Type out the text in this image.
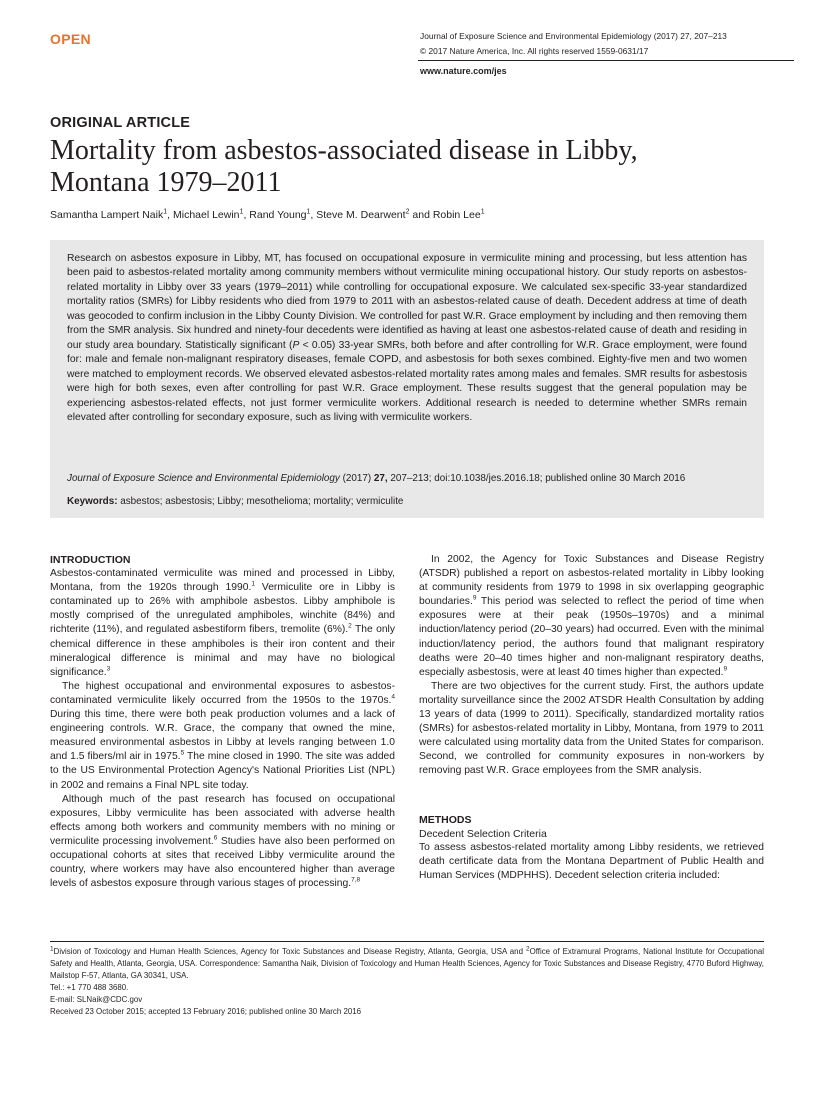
OPEN	Journal of Exposure Science and Environmental Epidemiology (2017) 27, 207–213
© 2017 Nature America, Inc. All rights reserved 1559-0631/17
www.nature.com/jes
ORIGINAL ARTICLE
Mortality from asbestos-associated disease in Libby,
Montana 1979–2011
Samantha Lampert Naik$^1$, Michael Lewin$^1$, Rand Young$^1$, Steve M. Dearwent$^2$ and Robin Lee$^1$
Research on asbestos exposure in Libby, MT, has focused on occupational exposure in vermiculite mining and processing, but less attention has been paid to asbestos-related mortality among community members without vermiculite mining occupational history. Our study reports on asbestos-related mortality in Libby over 33 years (1979–2011) while controlling for occupational exposure. We calculated sex-specific 33-year standardized mortality ratios (SMRs) for Libby residents who died from 1979 to 2011 with an asbestos-related cause of death. Decedent address at time of death was geocoded to confirm inclusion in the Libby County Division. We controlled for past W.R. Grace employment by including and then removing them from the SMR analysis. Six hundred and ninety-four decedents were identified as having at least one asbestos-related cause of death and residing in our study area boundary. Statistically significant (P < 0.05) 33-year SMRs, both before and after controlling for W.R. Grace employment, were found for: male and female non-malignant respiratory diseases, female COPD, and asbestosis for both sexes combined. Eighty-five men and two women were matched to employment records. We observed elevated asbestos-related mortality rates among males and females. SMR results for asbestosis were high for both sexes, even after controlling for past W.R. Grace employment. These results suggest that the general population may be experiencing asbestos-related effects, not just former vermiculite workers. Additional research is needed to determine whether SMRs remain elevated after controlling for secondary exposure, such as living with vermiculite workers.
Journal of Exposure Science and Environmental Epidemiology (2017) 27, 207–213; doi:10.1038/jes.2016.18; published online 30 March 2016
Keywords: asbestos; asbestosis; Libby; mesothelioma; mortality; vermiculite
INTRODUCTION

Asbestos-contaminated vermiculite was mined and processed in Libby, Montana, from the 1920s through 1990.$^1$ Vermiculite ore in Libby is contaminated up to 26% with amphibole asbestos. Libby amphibole is mostly comprised of the unregulated amphiboles, winchite (84%) and richterite (11%), and regulated asbestiform fibers, tremolite (6%).$^2$ The only chemical difference in these amphiboles is their iron content and their mineralogical difference is minimal and may have no biological significance.$^3$

The highest occupational and environmental exposures to asbestos-contaminated vermiculite likely occurred from the 1950s to the 1970s.$^4$ During this time, there were both peak production volumes and a lack of engineering controls. W.R. Grace, the company that owned the mine, measured environmental asbestos in Libby at levels ranging between 1.0 and 1.5 fibers/ml air in 1975.$^5$ The mine closed in 1990. The site was added to the US Environmental Protection Agency's National Priorities List (NPL) in 2002 and remains a Final NPL site today.

Although much of the past research has focused on occupational exposures, Libby vermiculite has been associated with adverse health effects among both workers and community members with no mining or vermiculite processing involvement.$^6$ Studies have also been performed on occupational cohorts at sites that received Libby vermiculite around the country, where workers may have also encountered higher than average levels of asbestos exposure through various stages of processing.$^{7,8}$

In 2002, the Agency for Toxic Substances and Disease Registry (ATSDR) published a report on asbestos-related mortality in Libby looking at community residents from 1979 to 1998 in six overlapping geographic boundaries.$^9$ This period was selected to reflect the period of time when exposures were at their peak (1950s–1970s) and a minimal induction/latency period (20–30 years) had occurred. Even with the minimal induction/latency period, the authors found that malignant respiratory deaths were 20–40 times higher and non-malignant respiratory deaths, especially asbestosis, were at least 40 times higher than expected.$^9$

There are two objectives for the current study. First, the authors update mortality surveillance since the 2002 ATSDR Health Consultation by adding 13 years of data (1999 to 2011). Specifically, standardized mortality ratios (SMRs) for asbestos-related mortality in Libby, Montana, from 1979 to 2011 were calculated using mortality data from the United States for comparison. Second, we controlled for community exposures in non-workers by removing past W.R. Grace employees from the SMR analysis.

METHODS
Decedent Selection Criteria

To assess asbestos-related mortality among Libby residents, we retrieved death certificate data from the Montana Department of Public Health and Human Services (MDPHHS). Decedent selection criteria included:

$^1$Division of Toxicology and Human Health Sciences, Agency for Toxic Substances and Disease Registry, Atlanta, Georgia, USA and $^2$Office of Extramural Programs, National Institute for Occupational Safety and Health, Atlanta, Georgia, USA. Correspondence: Samantha Naik, Division of Toxicology and Human Health Sciences, Agency for Toxic Substances and Disease Registry, 4770 Buford Highway, Mailstop F-57, Atlanta, GA 30341, USA.

Tel.: +1 770 488 3680.

E-mail: SLNaik@CDC.gov

Received 23 October 2015; accepted 13 February 2016; published online 30 March 2016
